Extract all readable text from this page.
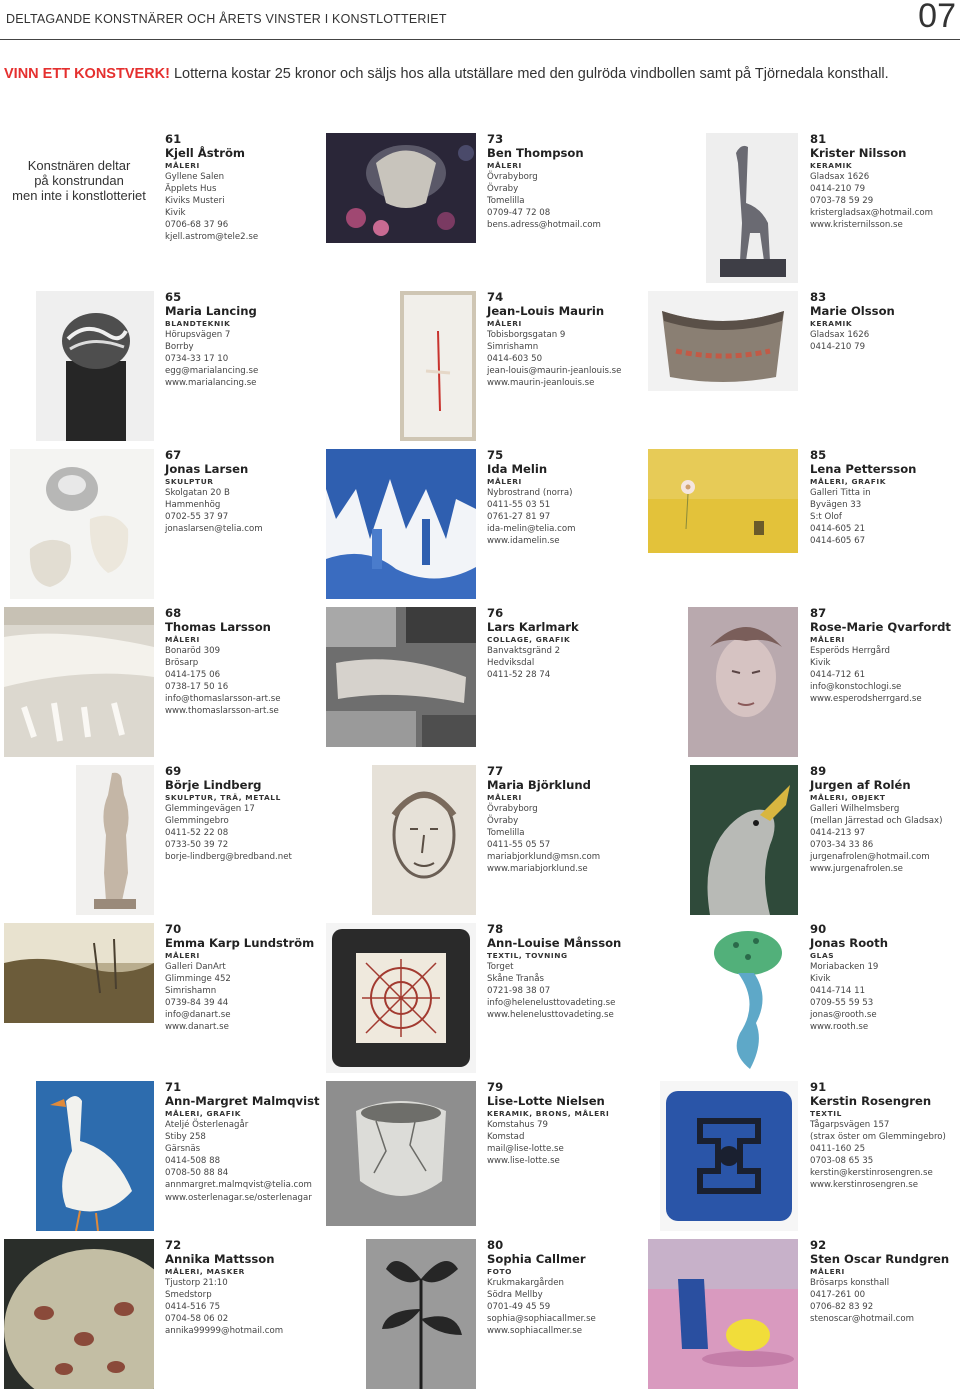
DELTAGANDE KONSTNÄRER OCH ÅRETS VINSTER I KONSTLOTTERIET	07
VINN ETT KONSTVERK! Lotterna kostar 25 kronor och säljs hos alla utställare med den gulröda vindbollen samt på Tjörnedala konsthall.
Konstnären deltar
på konstrundan
men inte i konstlotteriet
61
Kjell Åström
MÅLERI
Gyllene Salen
Äpplets Hus
Kiviks Musteri
Kivik
0706-68 37 96
kjell.astrom@tele2.se
73
Ben Thompson
MÅLERI
Övrabyborg
Övraby
Tomelilla
0709-47 72 08
bens.adress@hotmail.com
81
Krister Nilsson
KERAMIK
Gladsax 1626
0414-210 79
0703-78 59 29
kristergladsax@hotmail.com
www.kristernilsson.se
65
Maria Lancing
BLANDTEKNIK
Hörupsvägen 7
Borrby
0734-33 17 10
egg@marialancing.se
www.marialancing.se
74
Jean-Louis Maurin
MÅLERI
Tobisborgsgatan 9
Simrishamn
0414-603 50
jean-louis@maurin-jeanlouis.se
www.maurin-jeanlouis.se
83
Marie Olsson
KERAMIK
Gladsax 1626
0414-210 79
67
Jonas Larsen
SKULPTUR
Skolgatan 20 B
Hammenhög
0702-55 37 97
jonaslarsen@telia.com
75
Ida Melin
MÅLERI
Nybrostrand (norra)
0411-55 03 51
0761-27 81 97
ida-melin@telia.com
www.idamelin.se
85
Lena Pettersson
MÅLERI, GRAFIK
Galleri Titta in
Byvägen 33
S:t Olof
0414-605 21
0414-605 67
68
Thomas Larsson
MÅLERI
Bonaröd 309
Brösarp
0414-175 06
0738-17 50 16
info@thomaslarsson-art.se
www.thomaslarsson-art.se
76
Lars Karlmark
COLLAGE, GRAFIK
Banvaktsgränd 2
Hedviksdal
0411-52 28 74
87
Rose-Marie Qvarfordt
MÅLERI
Esperöds Herrgård
Kivik
0414-712 61
info@konstochlogi.se
www.esperodsherrgard.se
69
Börje Lindberg
SKULPTUR, TRÄ, METALL
Glemmingevägen 17
Glemmingebro
0411-52 22 08
0733-50 39 72
borje-lindberg@bredband.net
77
Maria Björklund
MÅLERI
Övrabyborg
Övraby
Tomelilla
0411-55 05 57
mariabjorklund@msn.com
www.mariabjorklund.se
89
Jurgen af Rolén
MÅLERI, OBJEKT
Galleri Wilhelmsberg
(mellan Järrestad och Gladsax)
0414-213 97
0703-34 33 86
jurgenafrolen@hotmail.com
www.jurgenafrolen.se
70
Emma Karp Lundström
MÅLERI
Galleri DanArt
Glimminge 452
Simrishamn
0739-84 39 44
info@danart.se
www.danart.se
78
Ann-Louise Månsson
TEXTIL, TOVNING
Torget
Skåne Tranås
0721-98 38 07
info@helenelusttovadeting.se
www.helenelusttovadeting.se
90
Jonas Rooth
GLAS
Moriabacken 19
Kivik
0414-714 11
0709-55 59 53
jonas@rooth.se
www.rooth.se
71
Ann-Margret Malmqvist
MÅLERI, GRAFIK
Ateljé Österlenagår
Stiby 258
Gärsnäs
0414-508 88
0708-50 88 84
annmargret.malmqvist@telia.com
www.osterlenagar.se/osterlenagar
79
Lise-Lotte Nielsen
KERAMIK, BRONS, MÅLERI
Komstahus 79
Komstad
mail@lise-lotte.se
www.lise-lotte.se
91
Kerstin Rosengren
TEXTIL
Tågarpsvägen 157
(strax öster om Glemmingebro)
0411-160 25
0703-08 65 35
kerstin@kerstinrosengren.se
www.kerstinrosengren.se
72
Annika Mattsson
MÅLERI, MASKER
Tjustorp 21:10
Smedstorp
0414-516 75
0704-58 06 02
annika99999@hotmail.com
80
Sophia Callmer
FOTO
Krukmakargården
Södra Mellby
0701-49 45 59
sophia@sophiacallmer.se
www.sophiacallmer.se
92
Sten Oscar Rundgren
MÅLERI
Brösarps konsthall
0417-261 00
0706-82 83 92
stenoscar@hotmail.com
